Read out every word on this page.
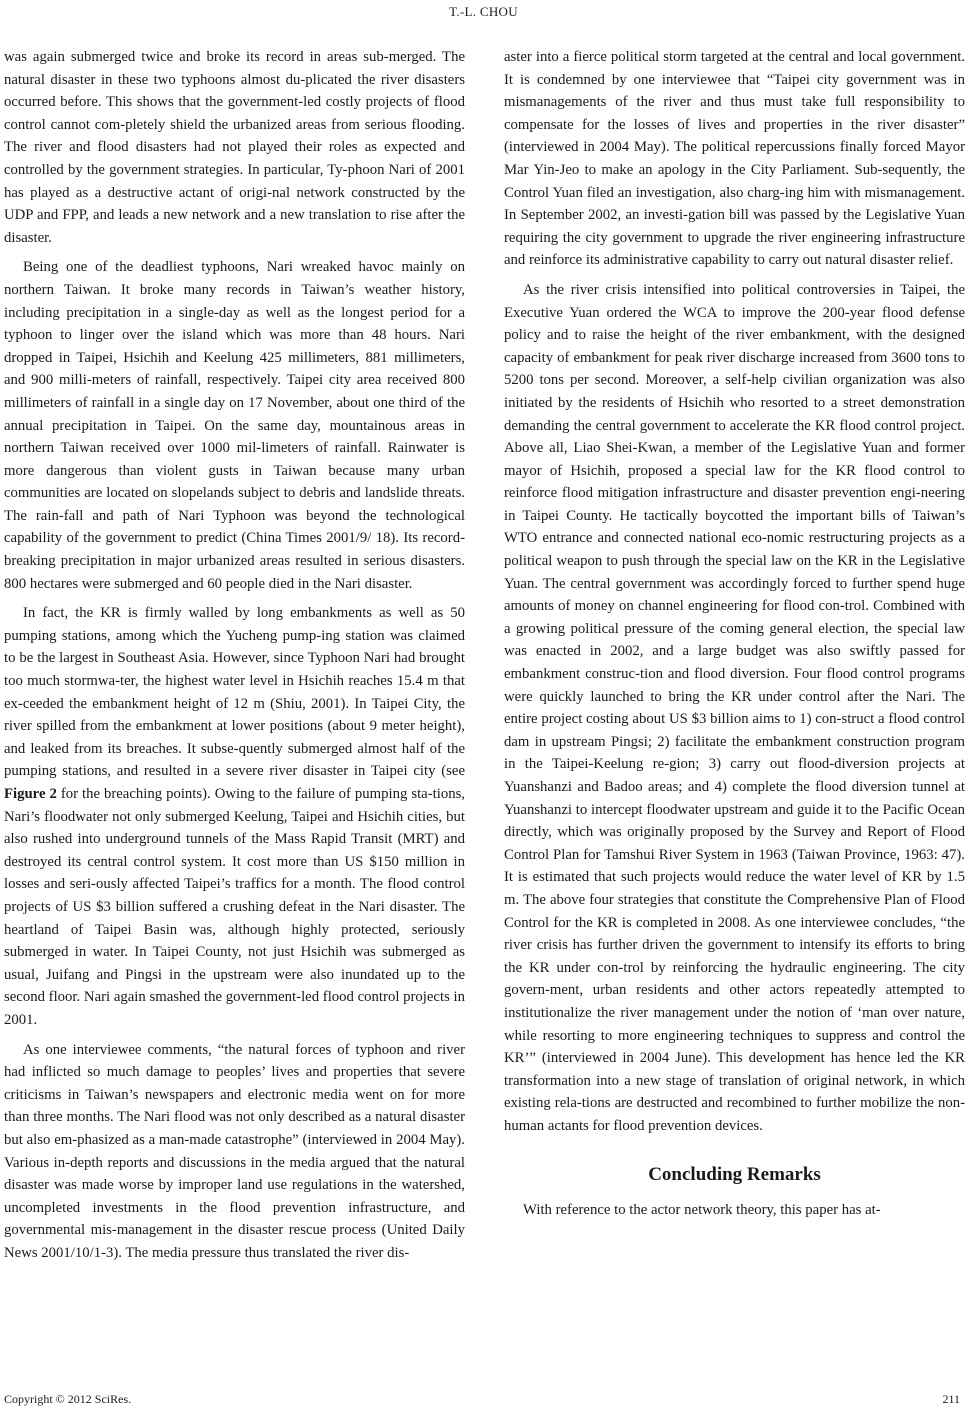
T.-L. CHOU

was again submerged twice and broke its record in areas sub-merged. The natural disaster in these two typhoons almost du-plicated the river disasters occurred before. This shows that the government-led costly projects of flood control cannot com-pletely shield the urbanized areas from serious flooding. The river and flood disasters had not played their roles as expected and controlled by the government strategies. In particular, Ty-phoon Nari of 2001 has played as a destructive actant of origi-nal network constructed by the UDP and FPP, and leads a new network and a new translation to rise after the disaster.

Being one of the deadliest typhoons, Nari wreaked havoc mainly on northern Taiwan. It broke many records in Taiwan’s weather history, including precipitation in a single-day as well as the longest period for a typhoon to linger over the island which was more than 48 hours. Nari dropped in Taipei, Hsichih and Keelung 425 millimeters, 881 millimeters, and 900 milli-meters of rainfall, respectively. Taipei city area received 800 millimeters of rainfall in a single day on 17 November, about one third of the annual precipitation in Taipei. On the same day, mountainous areas in northern Taiwan received over 1000 mil-limeters of rainfall. Rainwater is more dangerous than violent gusts in Taiwan because many urban communities are located on slopelands subject to debris and landslide threats. The rain-fall and path of Nari Typhoon was beyond the technological capability of the government to predict (China Times 2001/9/ 18). Its record-breaking precipitation in major urbanized areas resulted in serious disasters. 800 hectares were submerged and 60 people died in the Nari disaster.

In fact, the KR is firmly walled by long embankments as well as 50 pumping stations, among which the Yucheng pump-ing station was claimed to be the largest in Southeast Asia. However, since Typhoon Nari had brought too much stormwa-ter, the highest water level in Hsichih reaches 15.4 m that ex-ceeded the embankment height of 12 m (Shiu, 2001). In Taipei City, the river spilled from the embankment at lower positions (about 9 meter height), and leaked from its breaches. It subse-quently submerged almost half of the pumping stations, and resulted in a severe river disaster in Taipei city (see Figure 2 for the breaching points). Owing to the failure of pumping sta-tions, Nari’s floodwater not only submerged Keelung, Taipei and Hsichih cities, but also rushed into underground tunnels of the Mass Rapid Transit (MRT) and destroyed its central control system. It cost more than US $150 million in losses and seri-ously affected Taipei’s traffics for a month. The flood control projects of US $3 billion suffered a crushing defeat in the Nari disaster. The heartland of Taipei Basin was, although highly protected, seriously submerged in water. In Taipei County, not just Hsichih was submerged as usual, Juifang and Pingsi in the upstream were also inundated up to the second floor. Nari again smashed the government-led flood control projects in 2001.

As one interviewee comments, “the natural forces of typhoon and river had inflicted so much damage to peoples’ lives and properties that severe criticisms in Taiwan’s newspapers and electronic media went on for more than three months. The Nari flood was not only described as a natural disaster but also em-phasized as a man-made catastrophe” (interviewed in 2004 May). Various in-depth reports and discussions in the media argued that the natural disaster was made worse by improper land use regulations in the watershed, uncompleted investments in the flood prevention infrastructure, and governmental mis-management in the disaster rescue process (United Daily News 2001/10/1-3). The media pressure thus translated the river dis-

aster into a fierce political storm targeted at the central and local government. It is condemned by one interviewee that “Taipei city government was in mismanagements of the river and thus must take full responsibility to compensate for the losses of lives and properties in the river disaster” (interviewed in 2004 May). The political repercussions finally forced Mayor Mar Yin-Jeo to make an apology in the City Parliament. Sub-sequently, the Control Yuan filed an investigation, also charg-ing him with mismanagement. In September 2002, an investi-gation bill was passed by the Legislative Yuan requiring the city government to upgrade the river engineering infrastructure and reinforce its administrative capability to carry out natural disaster relief.

As the river crisis intensified into political controversies in Taipei, the Executive Yuan ordered the WCA to improve the 200-year flood defense policy and to raise the height of the river embankment, with the designed capacity of embankment for peak river discharge increased from 3600 tons to 5200 tons per second. Moreover, a self-help civilian organization was also initiated by the residents of Hsichih who resorted to a street demonstration demanding the central government to accelerate the KR flood control project. Above all, Liao Shei-Kwan, a member of the Legislative Yuan and former mayor of Hsichih, proposed a special law for the KR flood control to reinforce flood mitigation infrastructure and disaster prevention engi-neering in Taipei County. He tactically boycotted the important bills of Taiwan’s WTO entrance and connected national eco-nomic restructuring projects as a political weapon to push through the special law on the KR in the Legislative Yuan. The central government was accordingly forced to further spend huge amounts of money on channel engineering for flood con-trol. Combined with a growing political pressure of the coming general election, the special law was enacted in 2002, and a large budget was also swiftly passed for embankment construc-tion and flood diversion. Four flood control programs were quickly launched to bring the KR under control after the Nari. The entire project costing about US $3 billion aims to 1) con-struct a flood control dam in upstream Pingsi; 2) facilitate the embankment construction program in the Taipei-Keelung re-gion; 3) carry out flood-diversion projects at Yuanshanzi and Badoo areas; and 4) complete the flood diversion tunnel at Yuanshanzi to intercept floodwater upstream and guide it to the Pacific Ocean directly, which was originally proposed by the Survey and Report of Flood Control Plan for Tamshui River System in 1963 (Taiwan Province, 1963: 47). It is estimated that such projects would reduce the water level of KR by 1.5 m. The above four strategies that constitute the Comprehensive Plan of Flood Control for the KR is completed in 2008. As one interviewee concludes, “the river crisis has further driven the government to intensify its efforts to bring the KR under con-trol by reinforcing the hydraulic engineering. The city govern-ment, urban residents and other actors repeatedly attempted to institutionalize the river management under the notion of ‘man over nature, while resorting to more engineering techniques to suppress and control the KR’” (interviewed in 2004 June). This development has hence led the KR transformation into a new stage of translation of original network, in which existing rela-tions are destructed and recombined to further mobilize the non-human actants for flood prevention devices.

Concluding Remarks

With reference to the actor network theory, this paper has at-

Copyright © 2012 SciRes.	211
